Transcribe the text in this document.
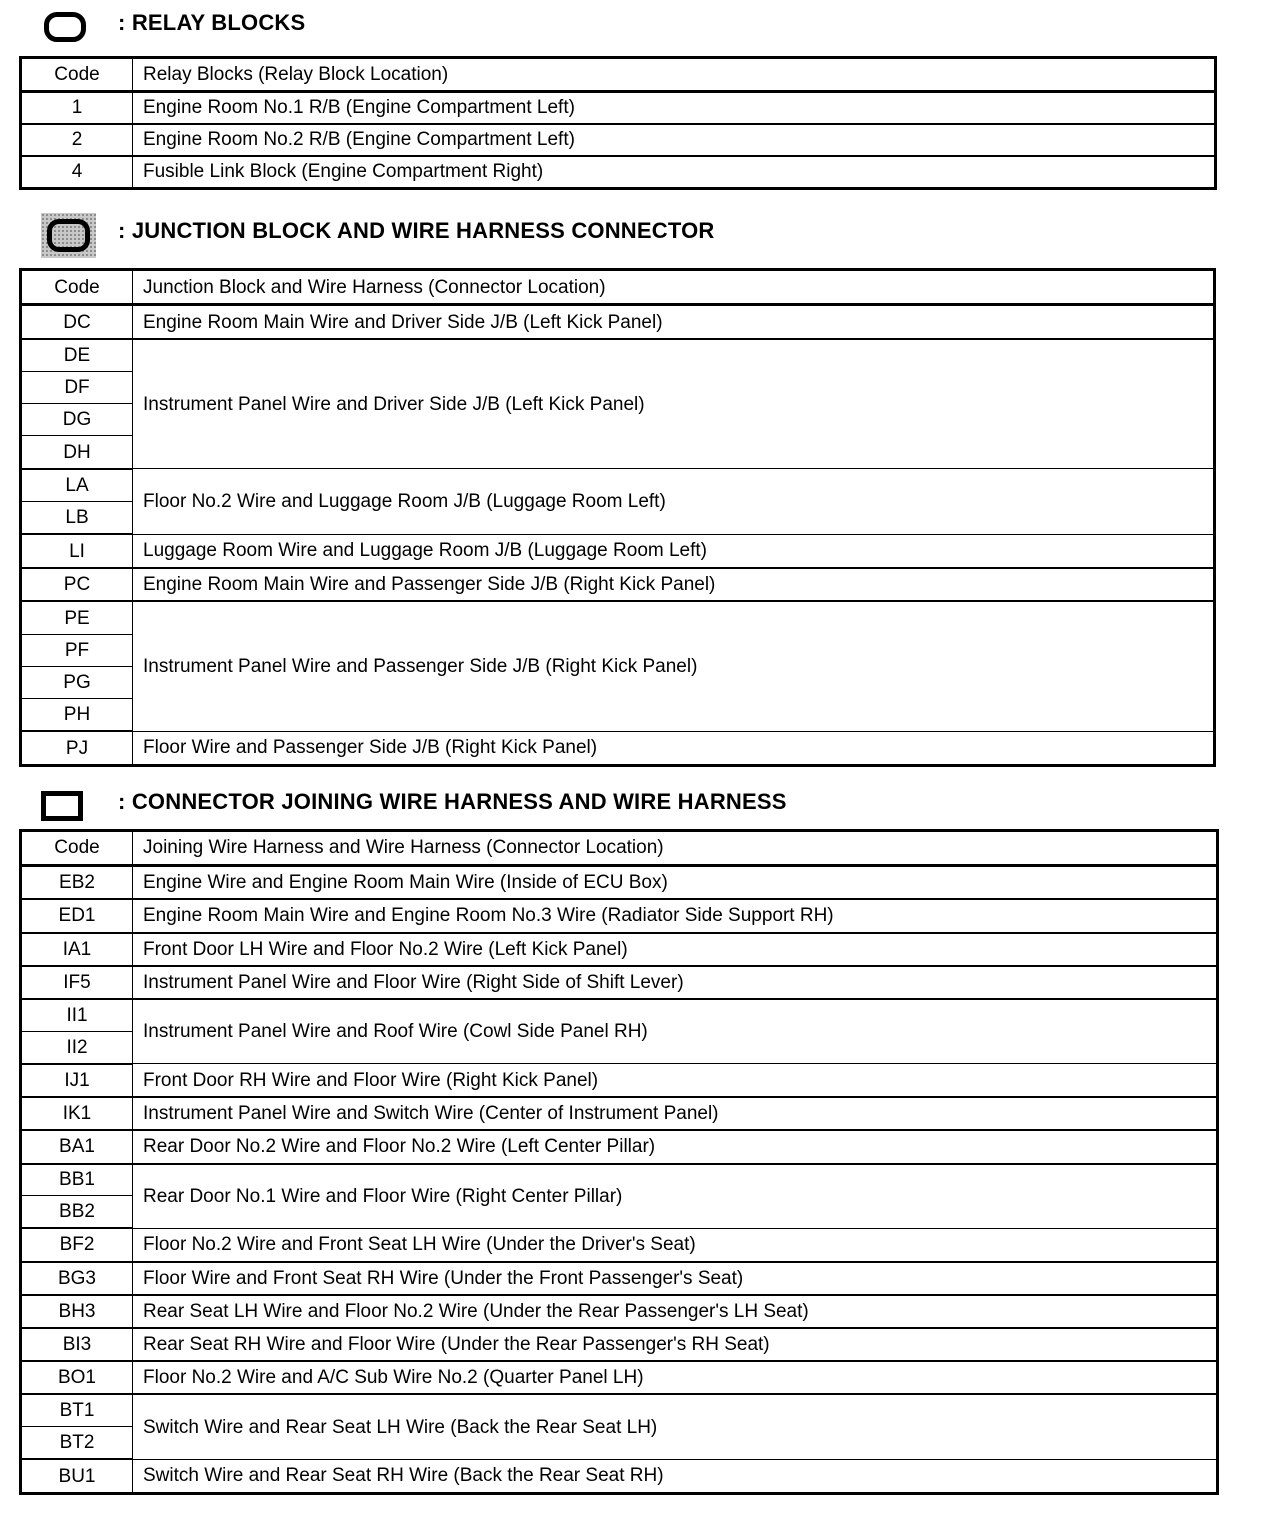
: RELAY BLOCKS
Code	Relay Blocks (Relay Block Location)
1	Engine Room No.1 R/B (Engine Compartment Left)
2	Engine Room No.2 R/B (Engine Compartment Left)
4	Fusible Link Block (Engine Compartment Right)
: JUNCTION BLOCK AND WIRE HARNESS CONNECTOR
Code	Junction Block and Wire Harness (Connector Location)
DC	Engine Room Main Wire and Driver Side J/B (Left Kick Panel)
DE	Instrument Panel Wire and Driver Side J/B (Left Kick Panel)
DF	
DG	
DH	
LA	Floor No.2 Wire and Luggage Room J/B (Luggage Room Left)
LB	
LI	Luggage Room Wire and Luggage Room J/B (Luggage Room Left)
PC	Engine Room Main Wire and Passenger Side J/B (Right Kick Panel)
PE	Instrument Panel Wire and Passenger Side J/B (Right Kick Panel)
PF	
PG	
PH	
PJ	Floor Wire and Passenger Side J/B (Right Kick Panel)
: CONNECTOR JOINING WIRE HARNESS AND WIRE HARNESS
Code	Joining Wire Harness and Wire Harness (Connector Location)
EB2	Engine Wire and Engine Room Main Wire (Inside of ECU Box)
ED1	Engine Room Main Wire and Engine Room No.3 Wire (Radiator Side Support RH)
IA1	Front Door LH Wire and Floor No.2 Wire (Left Kick Panel)
IF5	Instrument Panel Wire and Floor Wire (Right Side of Shift Lever)
II1	Instrument Panel Wire and Roof Wire (Cowl Side Panel RH)
II2	
IJ1	Front Door RH Wire and Floor Wire (Right Kick Panel)
IK1	Instrument Panel Wire and Switch Wire (Center of Instrument Panel)
BA1	Rear Door No.2 Wire and Floor No.2 Wire (Left Center Pillar)
BB1	Rear Door No.1 Wire and Floor Wire (Right Center Pillar)
BB2	
BF2	Floor No.2 Wire and Front Seat LH Wire (Under the Driver's Seat)
BG3	Floor Wire and Front Seat RH Wire (Under the Front Passenger's Seat)
BH3	Rear Seat LH Wire and Floor No.2 Wire (Under the Rear Passenger's LH Seat)
BI3	Rear Seat RH Wire and Floor Wire (Under the Rear Passenger's RH Seat)
BO1	Floor No.2 Wire and A/C Sub Wire No.2 (Quarter Panel LH)
BT1	Switch Wire and Rear Seat LH Wire (Back the Rear Seat LH)
BT2	
BU1	Switch Wire and Rear Seat RH Wire (Back the Rear Seat RH)
